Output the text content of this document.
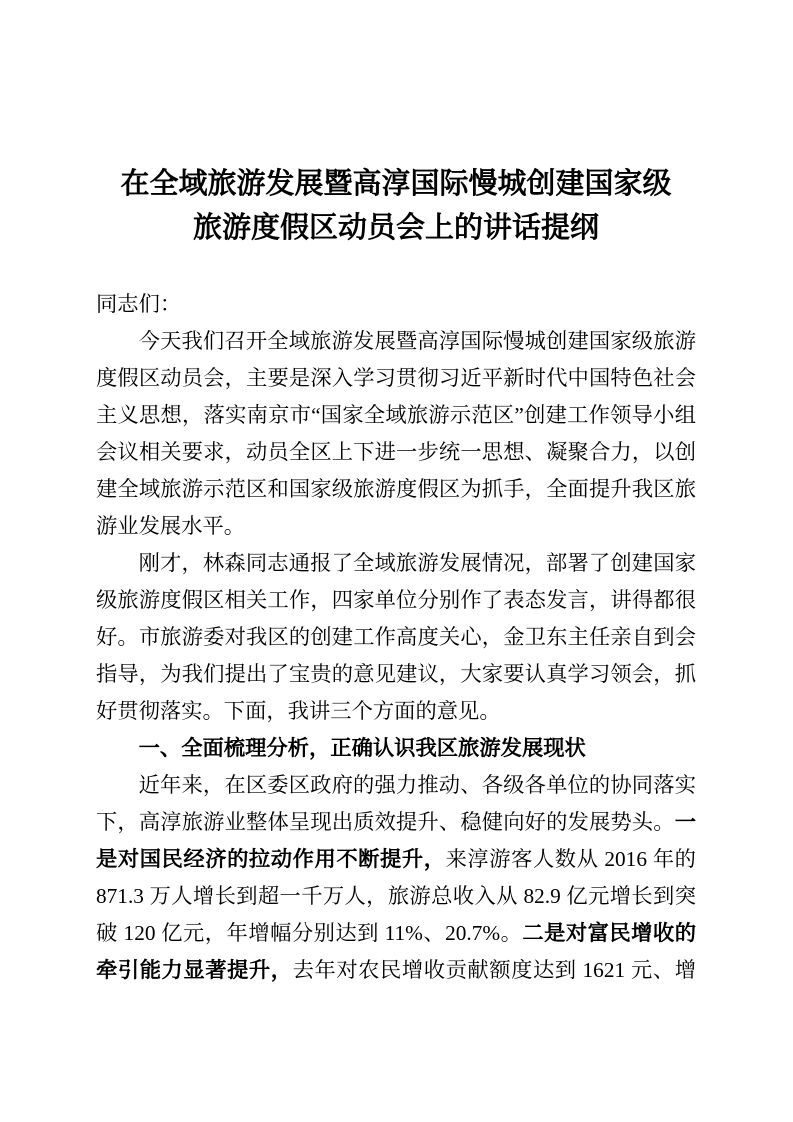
在全域旅游发展暨高淳国际慢城创建国家级
旅游度假区动员会上的讲话提纲

同志们：

今天我们召开全域旅游发展暨高淳国际慢城创建国家级旅游度假区动员会，主要是深入学习贯彻习近平新时代中国特色社会主义思想，落实南京市“国家全域旅游示范区”创建工作领导小组会议相关要求，动员全区上下进一步统一思想、凝聚合力，以创建全域旅游示范区和国家级旅游度假区为抓手，全面提升我区旅游业发展水平。

刚才，林森同志通报了全域旅游发展情况，部署了创建国家级旅游度假区相关工作，四家单位分别作了表态发言，讲得都很好。市旅游委对我区的创建工作高度关心，金卫东主任亲自到会指导，为我们提出了宝贵的意见建议，大家要认真学习领会，抓好贯彻落实。下面，我讲三个方面的意见。

一、全面梳理分析，正确认识我区旅游发展现状

近年来，在区委区政府的强力推动、各级各单位的协同落实下，高淳旅游业整体呈现出质效提升、稳健向好的发展势头。一是对国民经济的拉动作用不断提升，来淳游客人数从 2016 年的 871.3 万人增长到超一千万人，旅游总收入从 82.9 亿元增长到突破 120 亿元，年增幅分别达到 11%、20.7%。二是对富民增收的牵引能力显著提升，去年对农民增收贡献额度达到 1621 元、增
